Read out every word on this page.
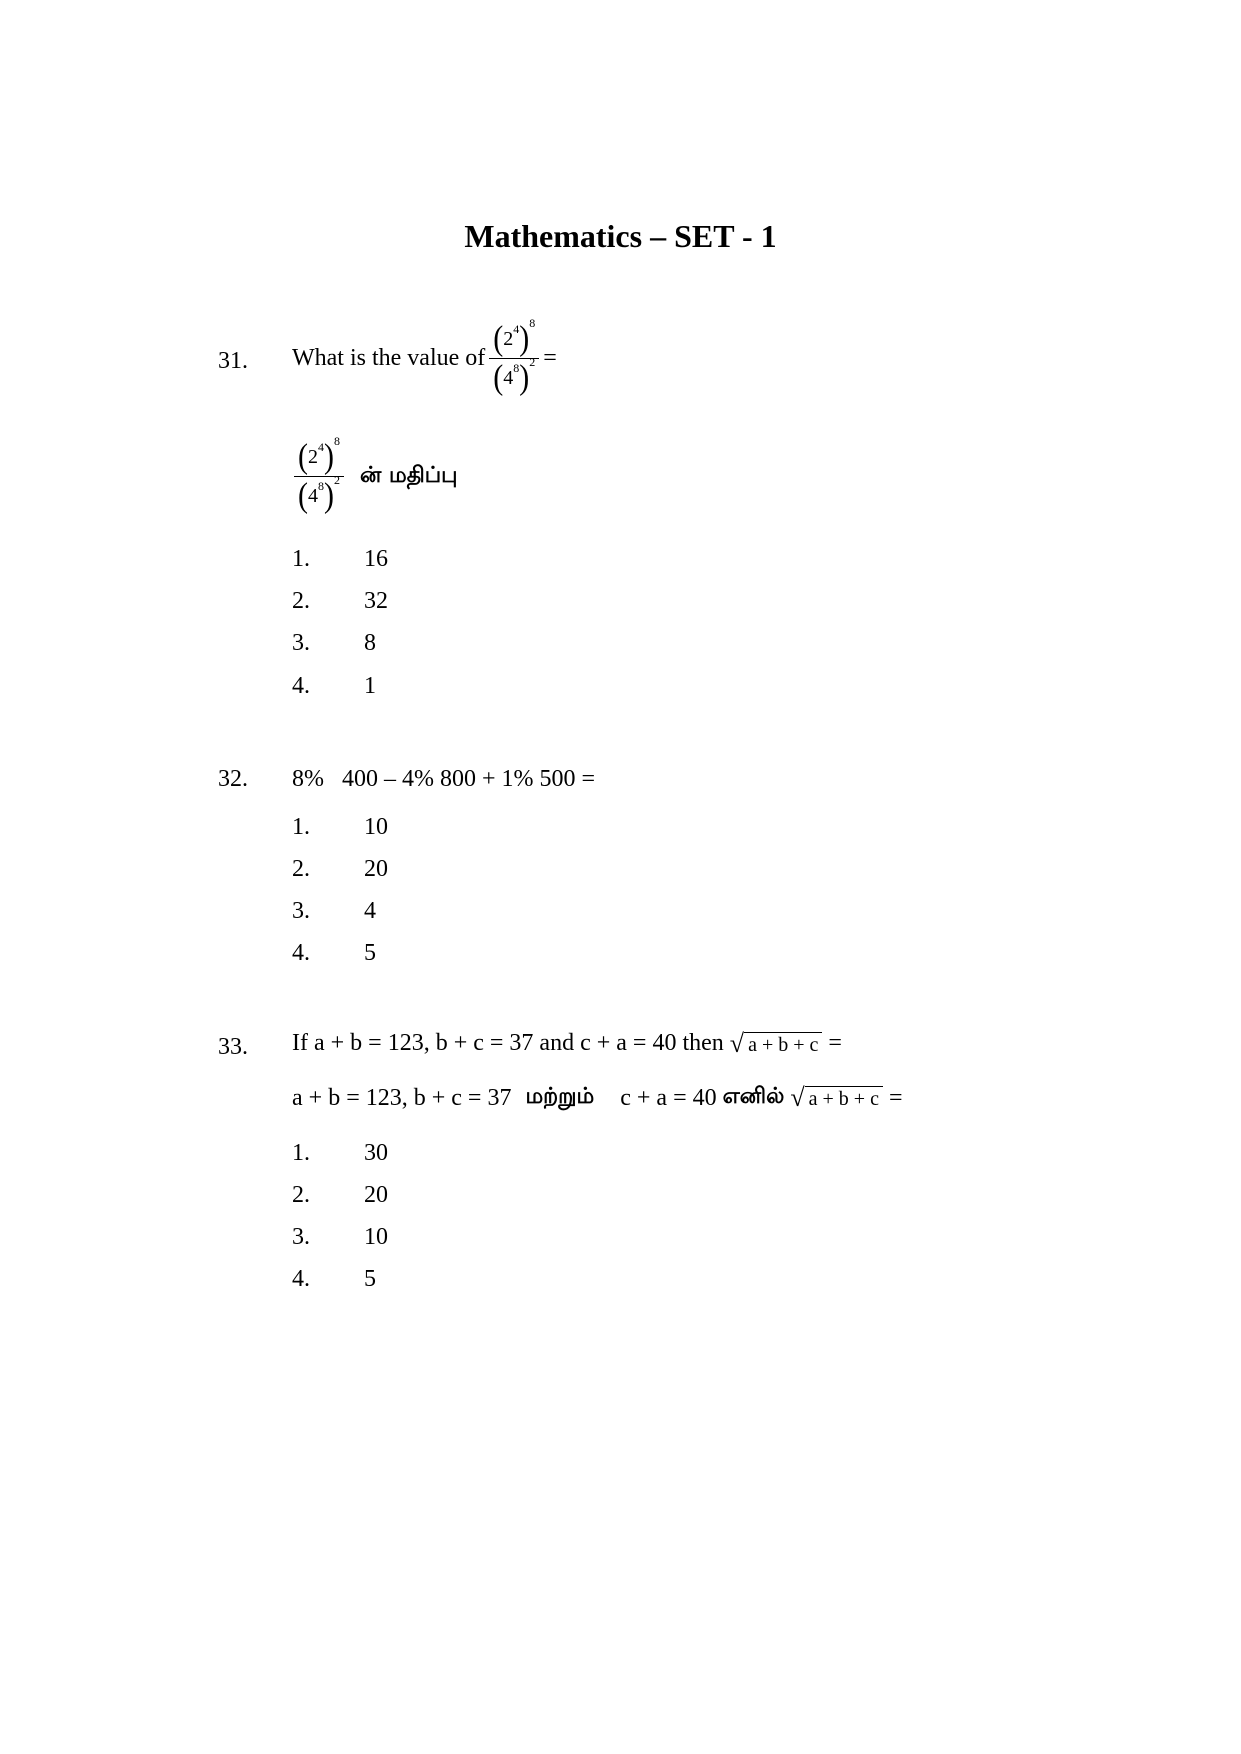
Mathematics – SET - 1
31. What is the value of $\frac{( 2 4 ) 8}{( 4 8 ) 2}$ =
$\frac{( 2 4 ) 8}{( 4 8 ) 2}$ ன் மதிப்பு
1. 16
2. 32
3. 8
4. 1
32. 8%   400 – 4% 800 + 1% 500 =
1. 10
2. 20
3. 4
4. 5
33. If a + b = 123, b + c = 37 and c + a = 40 then √ a + b + c =
a + b = 123, b + c = 37 மற்றும் c + a = 40 எனில் √ a + b + c =
1. 30
2. 20
3. 10
4. 5
